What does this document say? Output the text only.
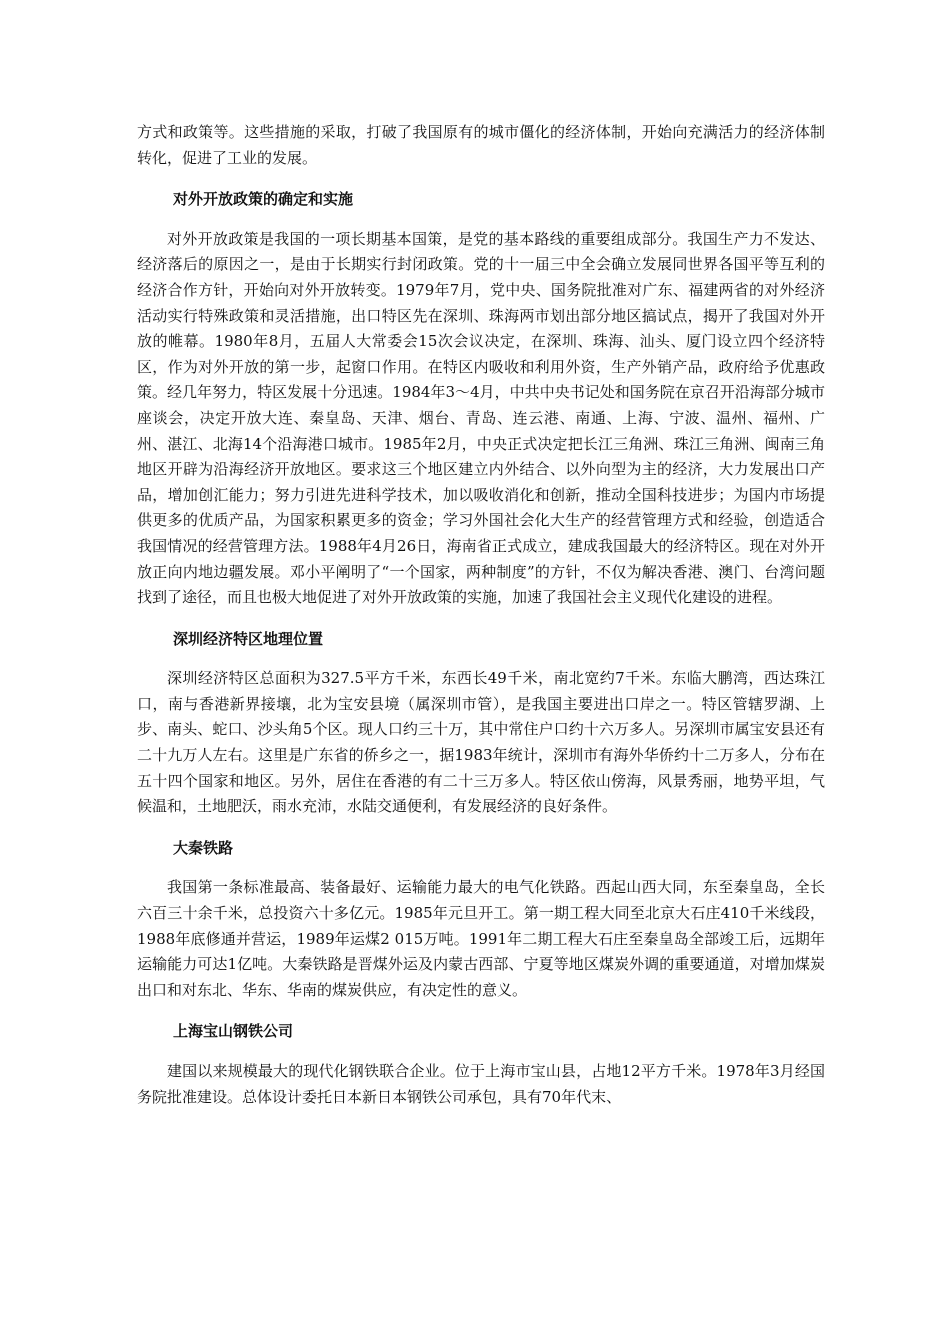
方式和政策等。这些措施的采取，打破了我国原有的城市僵化的经济体制，开始向充满活力的经济体制转化，促进了工业的发展。

对外开放政策的确定和实施

对外开放政策是我国的一项长期基本国策，是党的基本路线的重要组成部分。我国生产力不发达、经济落后的原因之一，是由于长期实行封闭政策。党的十一届三中全会确立发展同世界各国平等互利的经济合作方针，开始向对外开放转变。1979年7月，党中央、国务院批准对广东、福建两省的对外经济活动实行特殊政策和灵活措施，出口特区先在深圳、珠海两市划出部分地区搞试点，揭开了我国对外开放的帷幕。1980年8月，五届人大常委会15次会议决定，在深圳、珠海、汕头、厦门设立四个经济特区，作为对外开放的第一步，起窗口作用。在特区内吸收和利用外资，生产外销产品，政府给予优惠政策。经几年努力，特区发展十分迅速。1984年3～4月，中共中央书记处和国务院在京召开沿海部分城市座谈会，决定开放大连、秦皇岛、天津、烟台、青岛、连云港、南通、上海、宁波、温州、福州、广州、湛江、北海14个沿海港口城市。1985年2月，中央正式决定把长江三角洲、珠江三角洲、闽南三角地区开辟为沿海经济开放地区。要求这三个地区建立内外结合、以外向型为主的经济，大力发展出口产品，增加创汇能力；努力引进先进科学技术，加以吸收消化和创新，推动全国科技进步；为国内市场提供更多的优质产品，为国家积累更多的资金；学习外国社会化大生产的经营管理方式和经验，创造适合我国情况的经营管理方法。1988年4月26日，海南省正式成立，建成我国最大的经济特区。现在对外开放正向内地边疆发展。邓小平阐明了“一个国家，两种制度”的方针，不仅为解决香港、澳门、台湾问题找到了途径，而且也极大地促进了对外开放政策的实施，加速了我国社会主义现代化建设的进程。

深圳经济特区地理位置

深圳经济特区总面积为327.5平方千米，东西长49千米，南北宽约7千米。东临大鹏湾，西达珠江口，南与香港新界接壤，北为宝安县境（属深圳市管），是我国主要进出口岸之一。特区管辖罗湖、上步、南头、蛇口、沙头角5个区。现人口约三十万，其中常住户口约十六万多人。另深圳市属宝安县还有二十九万人左右。这里是广东省的侨乡之一，据1983年统计，深圳市有海外华侨约十二万多人，分布在五十四个国家和地区。另外，居住在香港的有二十三万多人。特区依山傍海，风景秀丽，地势平坦，气候温和，土地肥沃，雨水充沛，水陆交通便利，有发展经济的良好条件。

大秦铁路

我国第一条标准最高、装备最好、运输能力最大的电气化铁路。西起山西大同，东至秦皇岛，全长六百三十余千米，总投资六十多亿元。1985年元旦开工。第一期工程大同至北京大石庄410千米线段，1988年底修通并营运，1989年运煤2 015万吨。1991年二期工程大石庄至秦皇岛全部竣工后，远期年运输能力可达1亿吨。大秦铁路是晋煤外运及内蒙古西部、宁夏等地区煤炭外调的重要通道，对增加煤炭出口和对东北、华东、华南的煤炭供应，有决定性的意义。

上海宝山钢铁公司

建国以来规模最大的现代化钢铁联合企业。位于上海市宝山县，占地12平方千米。1978年3月经国务院批准建设。总体设计委托日本新日本钢铁公司承包，具有70年代末、
